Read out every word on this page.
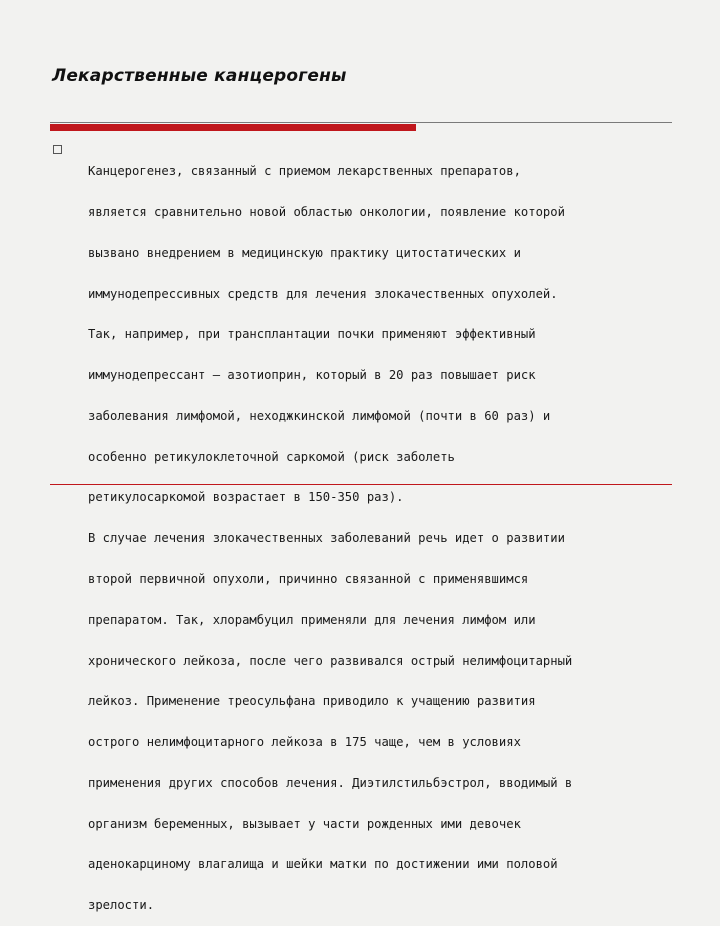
Лекарственные канцерогены

Канцерогенез, связанный с приемом лекарственных препаратов,

является сравнительно новой областью онкологии, появление которой

вызвано внедрением в медицинскую практику цитостатических и

иммунодепрессивных средств для лечения злокачественных опухолей.

Так, например, при трансплантации почки применяют эффективный

иммунодепрессант – азотиоприн, который в 20 раз повышает риск

заболевания лимфомой, неходжкинской лимфомой (почти в 60 раз) и

особенно ретикулоклеточной саркомой (риск заболеть

ретикулосаркомой возрастает в 150-350 раз).

В случае лечения злокачественных заболеваний речь идет о развитии

второй первичной опухоли, причинно связанной с применявшимся

препаратом. Так, хлорамбуцил применяли для лечения лимфом или

хронического лейкоза, после чего развивался острый нелимфоцитарный

лейкоз. Применение треосульфана приводило к учащению развития

острого нелимфоцитарного лейкоза в 175 чаще, чем в условиях

применения других способов лечения. Диэтилстильбэстрол, вводимый в

организм беременных, вызывает у части рожденных ими девочек

аденокарциному влагалища и шейки матки по достижении ими половой

зрелости.
